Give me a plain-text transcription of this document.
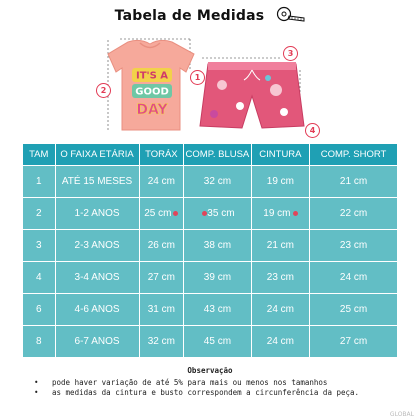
Tabela de Medidas
IT'S A
GOOD
DAY
1
2
3
4
TAM	O FAIXA ETÁRIA	TORÁX	COMP. BLUSA	CINTURA	COMP. SHORT
1	ATÉ 15 MESES	24 cm	32 cm	19 cm	21 cm
2	1-2 ANOS	25 cm	35 cm	19 cm	22 cm
3	2-3 ANOS	26 cm	38 cm	21 cm	23 cm
4	3-4 ANOS	27 cm	39 cm	23 cm	24 cm
6	4-6 ANOS	31 cm	43 cm	24 cm	25 cm
8	6-7 ANOS	32 cm	45 cm	24 cm	27 cm
Observação
• pode haver variação de até 5% para mais ou menos nos tamanhos
• as medidas da cintura e busto correspondem a circunferência da peça.
GLOBAL
